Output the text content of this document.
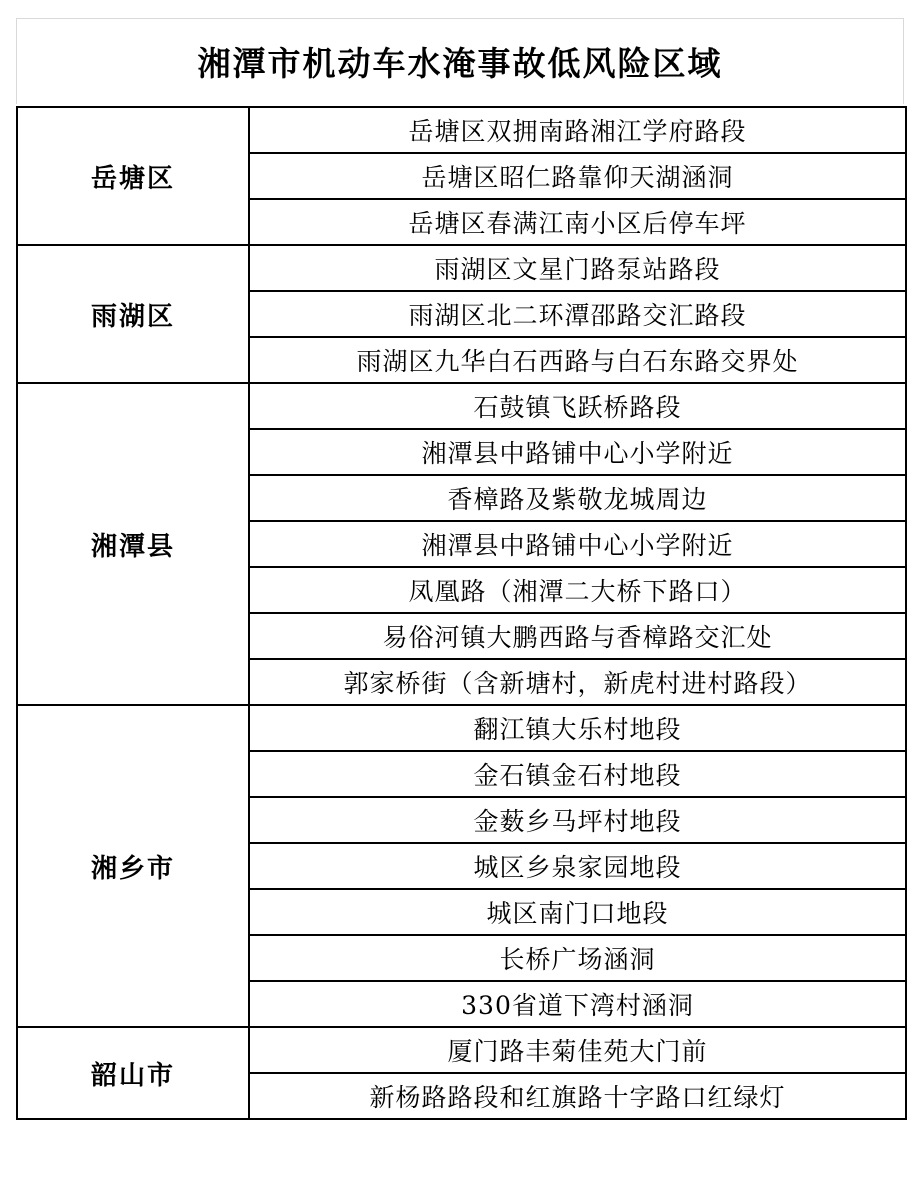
湘潭市机动车水淹事故低风险区域
岳塘区	岳塘区双拥南路湘江学府路段
	岳塘区昭仁路靠仰天湖涵洞
	岳塘区春满江南小区后停车坪
雨湖区	雨湖区文星门路泵站路段
	雨湖区北二环潭邵路交汇路段
	雨湖区九华白石西路与白石东路交界处
湘潭县	石鼓镇飞跃桥路段
	湘潭县中路铺中心小学附近
	香樟路及紫敬龙城周边
	湘潭县中路铺中心小学附近
	凤凰路（湘潭二大桥下路口）
	易俗河镇大鹏西路与香樟路交汇处
	郭家桥街（含新塘村，新虎村进村路段）
湘乡市	翻江镇大乐村地段
	金石镇金石村地段
	金薮乡马坪村地段
	城区乡泉家园地段
	城区南门口地段
	长桥广场涵洞
	330省道下湾村涵洞
韶山市	厦门路丰菊佳苑大门前
	新杨路路段和红旗路十字路口红绿灯
